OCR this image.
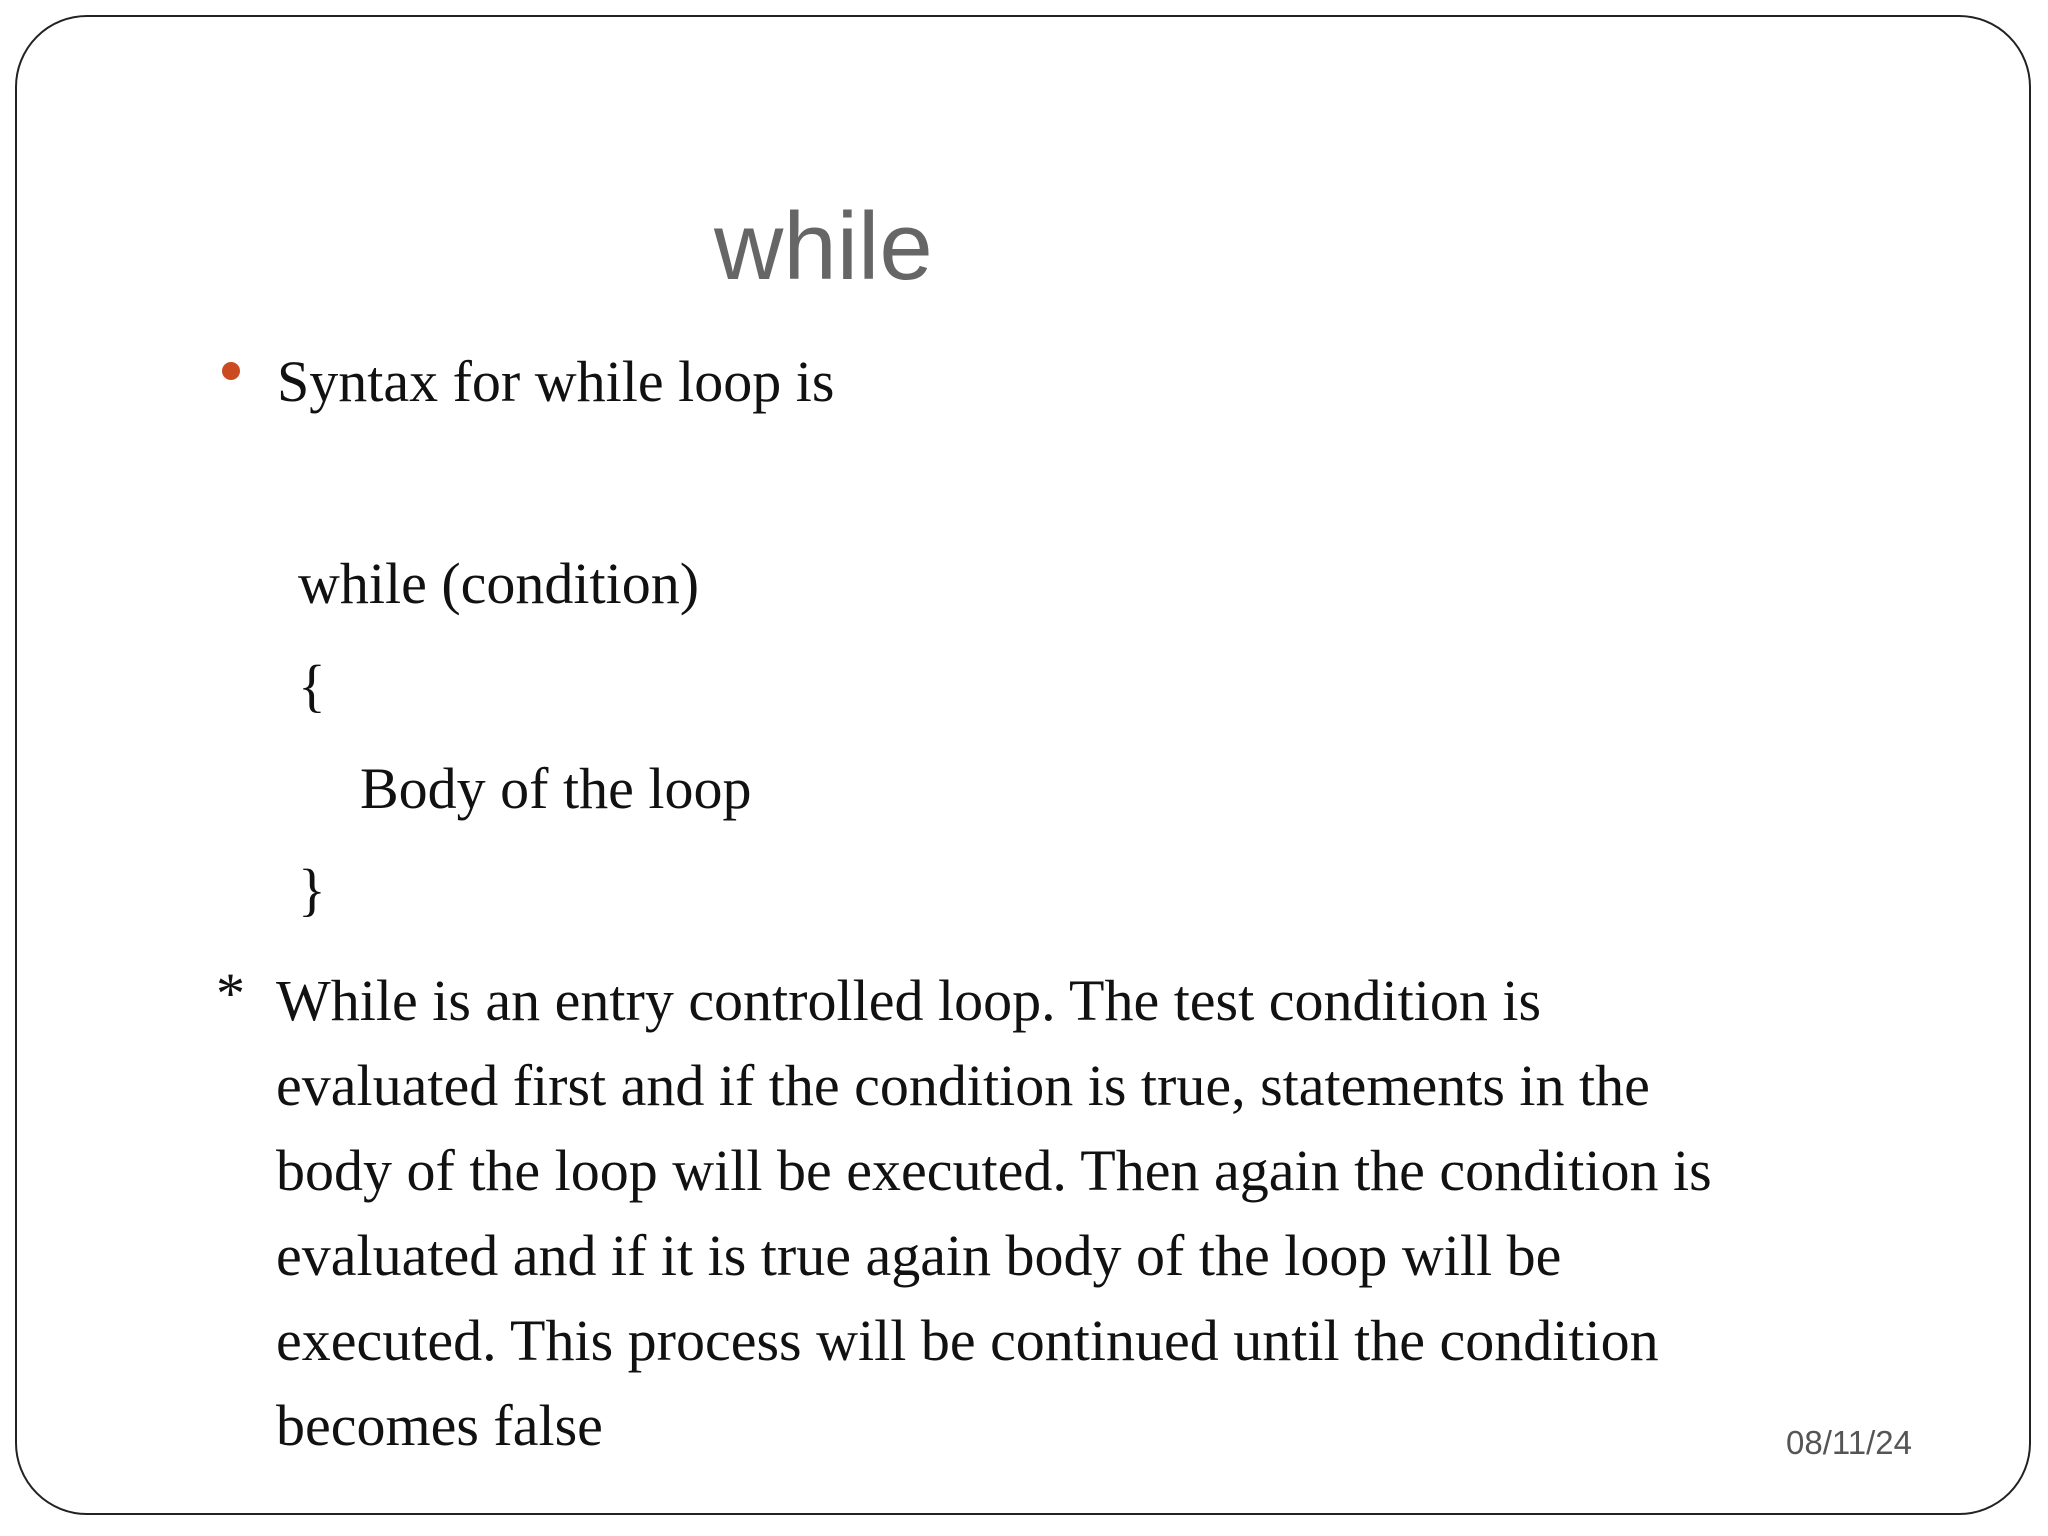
while
Syntax for while loop is
while (condition)
{
Body of the loop
}
* While is an entry controlled loop. The test condition is
evaluated first and if the condition is true, statements in the
body of the loop will be executed. Then again the condition is
evaluated and if it is true again body of the loop will be
executed. This process will be continued until the condition
becomes false	08/11/24
